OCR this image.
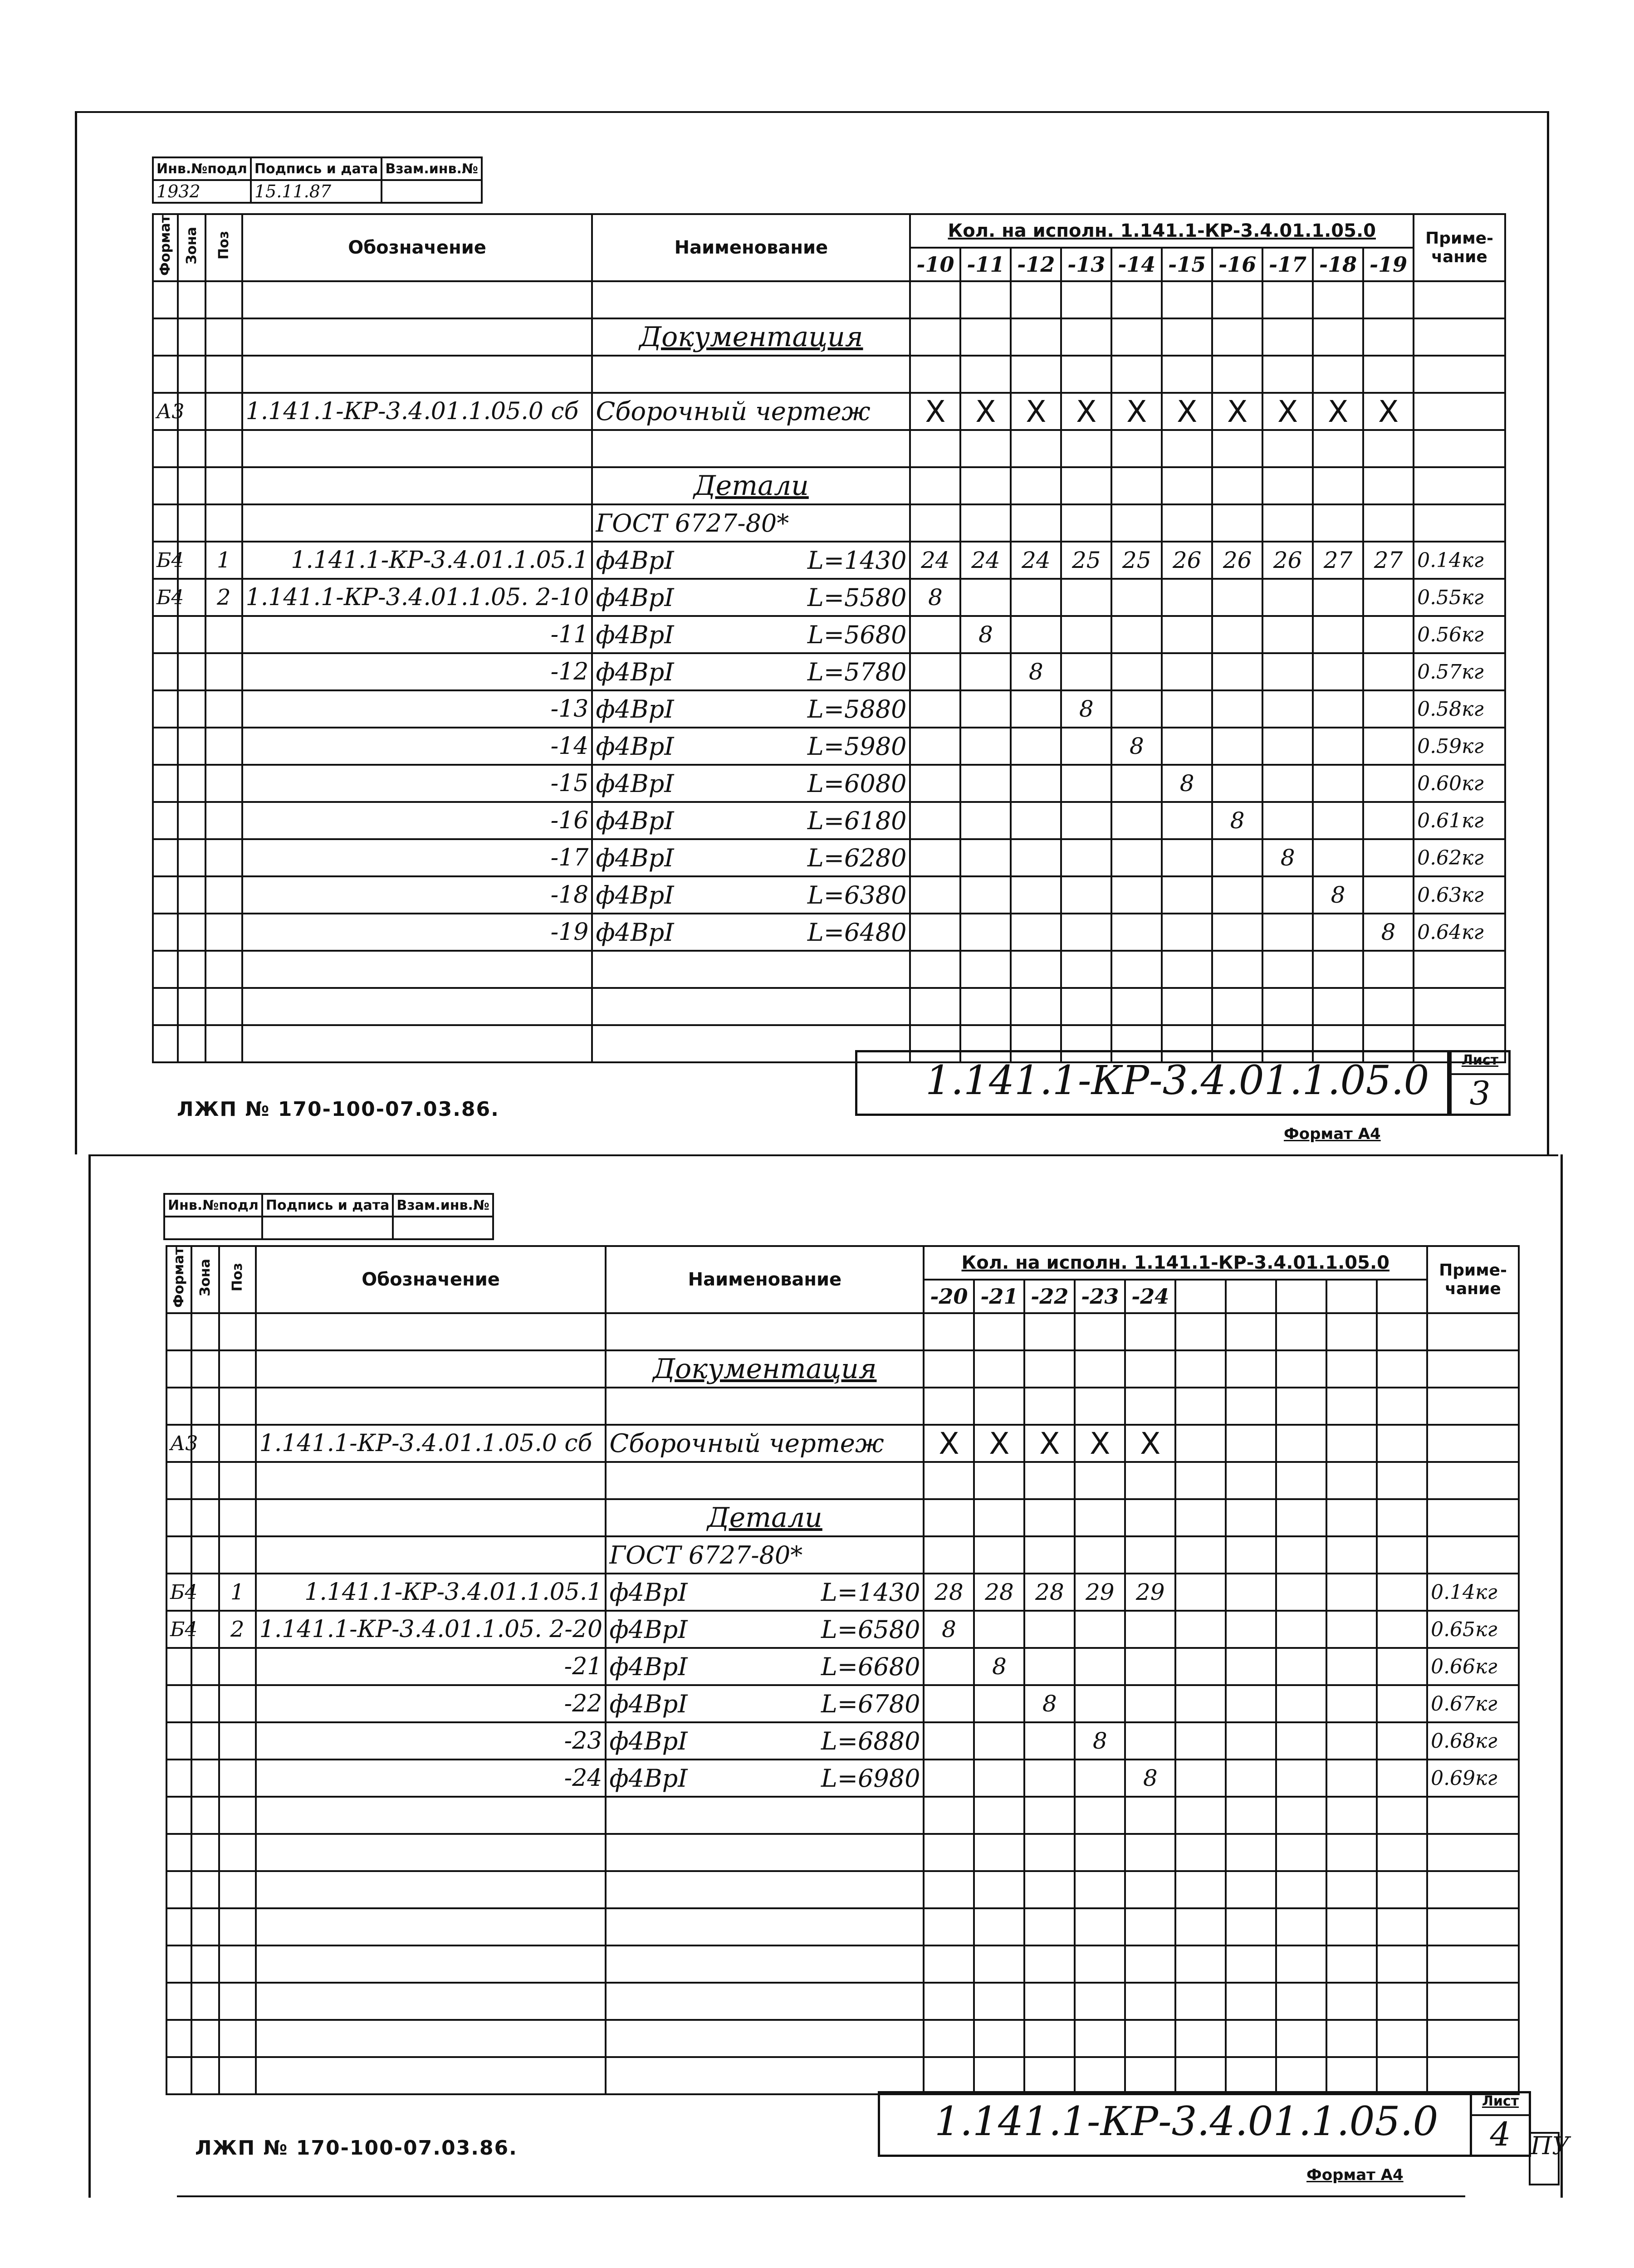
Инв.№подл	Подпись и дата	Взам.инв.№
1932	15.11.87	
Формат	Зона	Поз	Обозначение	Наименование	Кол. на исполн. 1.141.1-КР-3.4.01.1.05.0										Приме-чание
					-10	-11	-12	-13	-14	-15	-16	-17	-18	-19	

				Документация											

А3			1.141.1-КР-3.4.01.1.05.0 сб	Сборочный чертеж	X	X	X	X	X	X	X	X	X	X	

				Детали											
				ГОСТ 6727-80*											
Б4		1	1.141.1-КР-3.4.01.1.05.1	ф4ВрI L=1430	24	24	24	25	25	26	26	26	27	27	0.14кг
Б4		2	1.141.1-КР-3.4.01.1.05. 2-10	ф4ВрI L=5580	8										0.55кг
			-11	ф4ВрI L=5680		8									0.56кг
			-12	ф4ВрI L=5780			8								0.57кг
			-13	ф4ВрI L=5880				8							0.58кг
			-14	ф4ВрI L=5980					8						0.59кг
			-15	ф4ВрI L=6080						8					0.60кг
			-16	ф4ВрI L=6180							8				0.61кг
			-17	ф4ВрI L=6280								8			0.62кг
			-18	ф4ВрI L=6380									8		0.63кг
			-19	ф4ВрI L=6480										8	0.64кг

1.141.1-КР-3.4.01.1.05.0	Лист
3
ЛЖП № 170-100-07.03.86.
Формат А4
Инв.№подл	Подпись и дата	Взам.инв.№

Формат	Зона	Поз	Обозначение	Наименование	Кол. на исполн. 1.141.1-КР-3.4.01.1.05.0										Приме-чание
					-20	-21	-22	-23	-24						

				Документация											

А3			1.141.1-КР-3.4.01.1.05.0 сб	Сборочный чертеж	X	X	X	X	X						

				Детали											
				ГОСТ 6727-80*											
Б4		1	1.141.1-КР-3.4.01.1.05.1	ф4ВрI L=1430	28	28	28	29	29						0.14кг
Б4		2	1.141.1-КР-3.4.01.1.05. 2-20	ф4ВрI L=6580	8										0.65кг
			-21	ф4ВрI L=6680		8									0.66кг
			-22	ф4ВрI L=6780			8								0.67кг
			-23	ф4ВрI L=6880				8							0.68кг
			-24	ф4ВрI L=6980					8						0.69кг

1.141.1-КР-3.4.01.1.05.0	Лист
4
ЛЖП № 170-100-07.03.86.
Формат А4
ПУ
